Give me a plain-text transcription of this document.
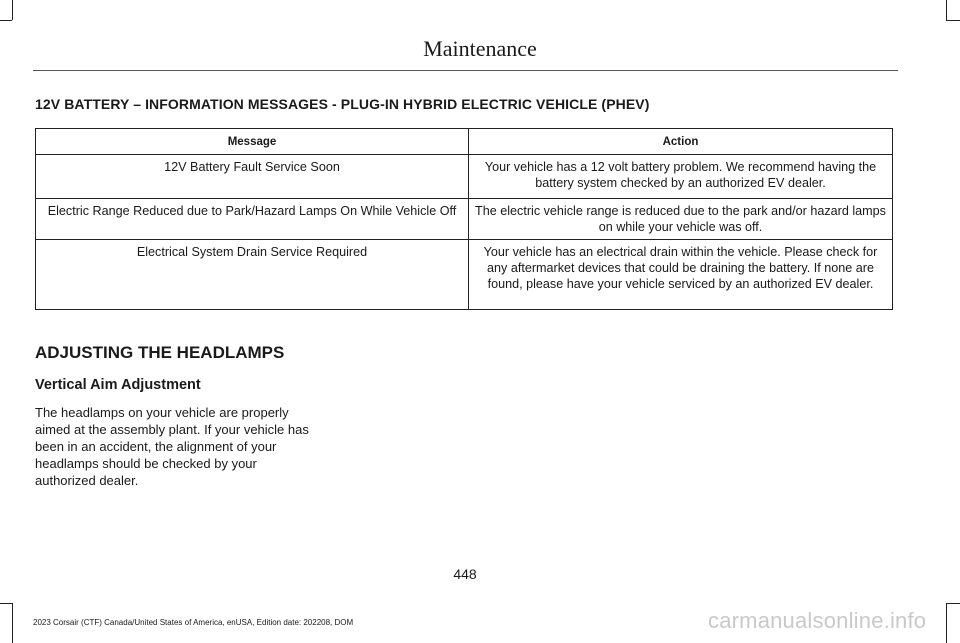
Maintenance
12V BATTERY – INFORMATION MESSAGES - PLUG-IN HYBRID ELECTRIC VEHICLE (PHEV)
Message	Action
12V Battery Fault Service Soon	Your vehicle has a 12 volt battery problem. We recommend having the battery system checked by an authorized EV dealer.
Electric Range Reduced due to Park/Hazard Lamps On While Vehicle Off	The electric vehicle range is reduced due to the park and/or hazard lamps on while your vehicle was off.
Electrical System Drain Service Required	Your vehicle has an electrical drain within the vehicle. Please check for any aftermarket devices that could be draining the battery. If none are found, please have your vehicle serviced by an authorized EV dealer.
ADJUSTING THE HEADLAMPS
Vertical Aim Adjustment
The headlamps on your vehicle are properly aimed at the assembly plant. If your vehicle has been in an accident, the alignment of your headlamps should be checked by your authorized dealer.
448
2023 Corsair (CTF) Canada/United States of America, enUSA, Edition date: 202208, DOM	carmanualsonline.info
